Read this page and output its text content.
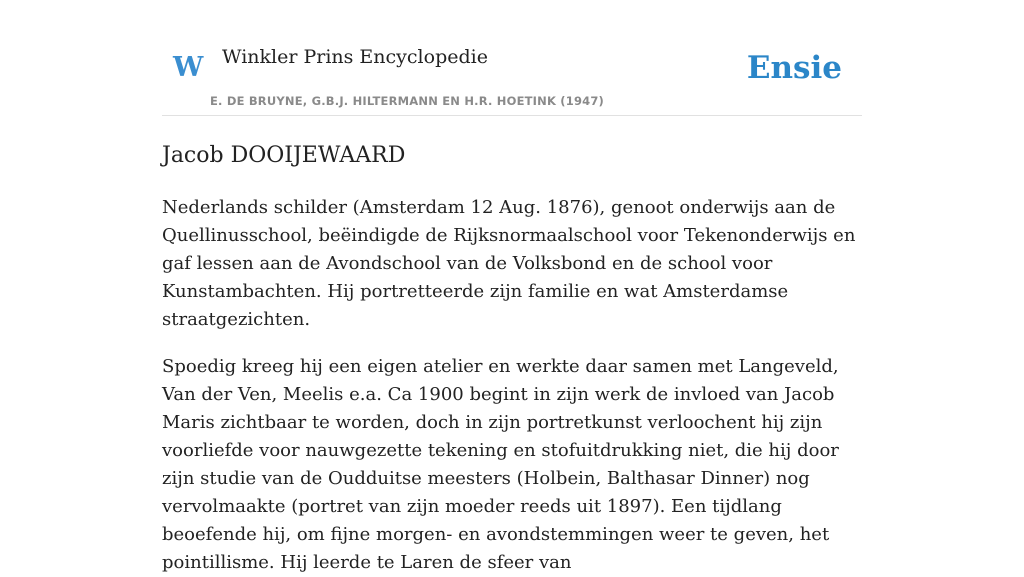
W Winkler Prins Encyclopedie
E. DE BRUYNE, G.B.J. HILTERMANN EN H.R. HOETINK (1947)
Ensie
Jacob DOOIJEWAARD

Nederlands schilder (Amsterdam 12 Aug. 1876), genoot onderwijs aan de Quellinusschool, beëindigde de Rijksnormaalschool voor Tekenonderwijs en gaf lessen aan de Avondschool van de Volksbond en de school voor Kunstambachten. Hij portretteerde zijn familie en wat Amsterdamse straatgezichten.

Spoedig kreeg hij een eigen atelier en werkte daar samen met Langeveld, Van der Ven, Meelis e.a. Ca 1900 begint in zijn werk de invloed van Jacob Maris zichtbaar te worden, doch in zijn portretkunst verloochent hij zijn voorliefde voor nauwgezette tekening en stofuitdrukking niet, die hij door zijn studie van de Oudduitse meesters (Holbein, Balthasar Dinner) nog vervolmaakte (portret van zijn moeder reeds uit 1897). Een tijdlang beoefende hij, om fijne morgen- en avondstemmingen weer te geven, het pointillisme. Hij leerde te Laren de sfeer van
